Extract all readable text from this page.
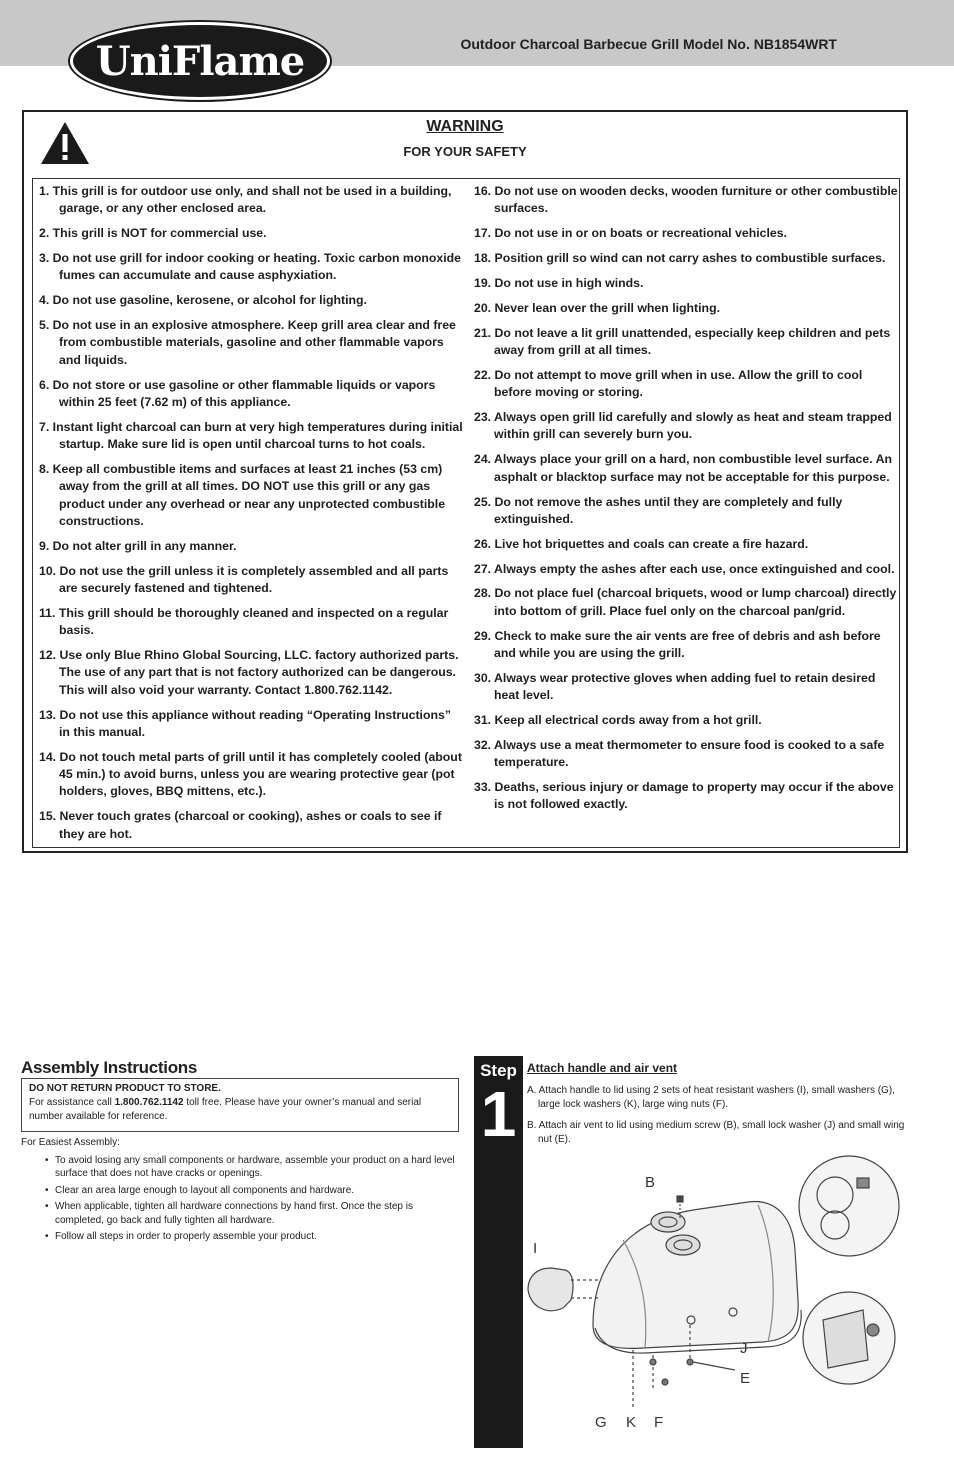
UniFlame	Outdoor Charcoal Barbecue Grill Model No. NB1854WRT
WARNING
FOR YOUR SAFETY

1. This grill is for outdoor use only, and shall not be used in a building, garage, or any other enclosed area.

2. This grill is NOT for commercial use.

3. Do not use grill for indoor cooking or heating. Toxic carbon monoxide fumes can accumulate and cause asphyxiation.

4. Do not use gasoline, kerosene, or alcohol for lighting.

5. Do not use in an explosive atmosphere. Keep grill area clear and free from combustible materials, gasoline and other flammable vapors and liquids.

6. Do not store or use gasoline or other flammable liquids or vapors within 25 feet (7.62 m) of this appliance.

7. Instant light charcoal can burn at very high temperatures during initial startup. Make sure lid is open until charcoal turns to hot coals.

8. Keep all combustible items and surfaces at least 21 inches (53 cm) away from the grill at all times. DO NOT use this grill or any gas product under any overhead or near any unprotected combustible constructions.

9. Do not alter grill in any manner.

10. Do not use the grill unless it is completely assembled and all parts are securely fastened and tightened.

11. This grill should be thoroughly cleaned and inspected on a regular basis.

12. Use only Blue Rhino Global Sourcing, LLC. factory authorized parts. The use of any part that is not factory authorized can be dangerous. This will also void your warranty. Contact 1.800.762.1142.

13. Do not use this appliance without reading “Operating Instructions” in this manual.

14. Do not touch metal parts of grill until it has completely cooled (about 45 min.) to avoid burns, unless you are wearing protective gear (pot holders, gloves, BBQ mittens, etc.).

15. Never touch grates (charcoal or cooking), ashes or coals to see if they are hot.

16. Do not use on wooden decks, wooden furniture or other combustible surfaces.

17. Do not use in or on boats or recreational vehicles.

18. Position grill so wind can not carry ashes to combustible surfaces.

19. Do not use in high winds.

20. Never lean over the grill when lighting.

21. Do not leave a lit grill unattended, especially keep children and pets away from grill at all times.

22. Do not attempt to move grill when in use. Allow the grill to cool before moving or storing.

23. Always open grill lid carefully and slowly as heat and steam trapped within grill can severely burn you.

24. Always place your grill on a hard, non combustible level surface. An asphalt or blacktop surface may not be acceptable for this purpose.

25. Do not remove the ashes until they are completely and fully extinguished.

26. Live hot briquettes and coals can create a fire hazard.

27. Always empty the ashes after each use, once extinguished and cool.

28. Do not place fuel (charcoal briquets, wood or lump charcoal) directly into bottom of grill. Place fuel only on the charcoal pan/grid.

29. Check to make sure the air vents are free of debris and ash before and while you are using the grill.

30. Always wear protective gloves when adding fuel to retain desired heat level.

31. Keep all electrical cords away from a hot grill.

32. Always use a meat thermometer to ensure food is cooked to a safe temperature.

33. Deaths, serious injury or damage to property may occur if the above is not followed exactly.

Assembly Instructions
DO NOT RETURN PRODUCT TO STORE.
For assistance call 1.800.762.1142 toll free. Please have your owner’s manual and serial number available for reference.
For Easiest Assembly:
• To avoid losing any small components or hardware, assemble your product on a hard level surface that does not have cracks or openings.
• Clear an area large enough to layout all components and hardware.
• When applicable, tighten all hardware connections by hand first. Once the step is completed, go back and fully tighten all hardware.
• Follow all steps in order to properly assemble your product.
Step
1
Attach handle and air vent

A. Attach handle to lid using 2 sets of heat resistant washers (I), small washers (G), large lock washers (K), large wing nuts (F).

B. Attach air vent to lid using medium screw (B), small lock washer (J) and small wing nut (E).

B
I
J
E
G K F
